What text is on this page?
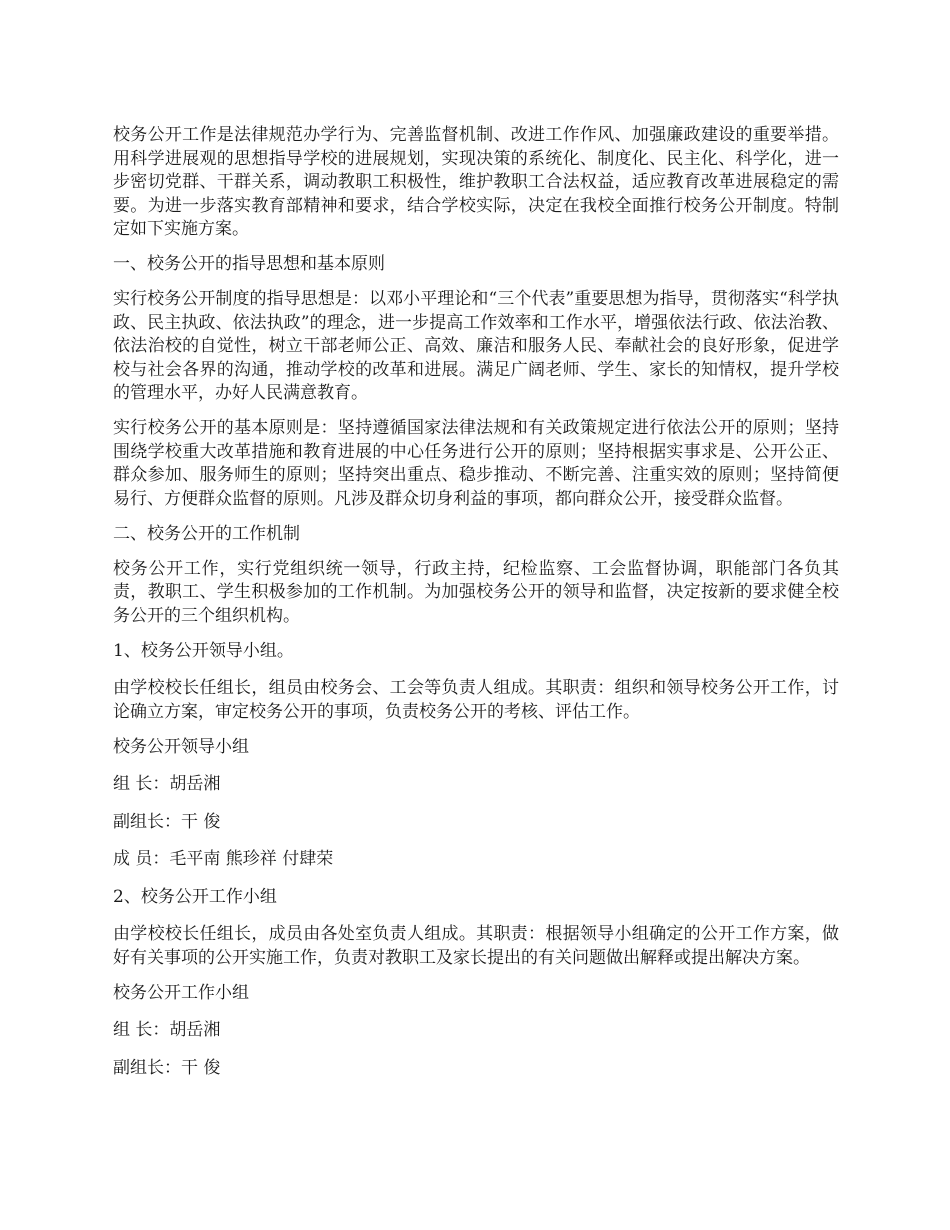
校务公开工作是法律规范办学行为、完善监督机制、改进工作作风、加强廉政建设的重要举措。用科学进展观的思想指导学校的进展规划，实现决策的系统化、制度化、民主化、科学化，进一步密切党群、干群关系，调动教职工积极性，维护教职工合法权益，适应教育改革进展稳定的需要。为进一步落实教育部精神和要求，结合学校实际，决定在我校全面推行校务公开制度。特制定如下实施方案。

一、校务公开的指导思想和基本原则

实行校务公开制度的指导思想是：以邓小平理论和“三个代表”重要思想为指导，贯彻落实“科学执政、民主执政、依法执政”的理念，进一步提高工作效率和工作水平，增强依法行政、依法治教、依法治校的自觉性，树立干部老师公正、高效、廉洁和服务人民、奉献社会的良好形象，促进学校与社会各界的沟通，推动学校的改革和进展。满足广阔老师、学生、家长的知情权，提升学校的管理水平，办好人民满意教育。

实行校务公开的基本原则是：坚持遵循国家法律法规和有关政策规定进行依法公开的原则；坚持围绕学校重大改革措施和教育进展的中心任务进行公开的原则；坚持根据实事求是、公开公正、群众参加、服务师生的原则；坚持突出重点、稳步推动、不断完善、注重实效的原则；坚持简便易行、方便群众监督的原则。凡涉及群众切身利益的事项，都向群众公开，接受群众监督。

二、校务公开的工作机制

校务公开工作，实行党组织统一领导，行政主持，纪检监察、工会监督协调，职能部门各负其责，教职工、学生积极参加的工作机制。为加强校务公开的领导和监督，决定按新的要求健全校务公开的三个组织机构。

1、校务公开领导小组。

由学校校长任组长，组员由校务会、工会等负责人组成。其职责：组织和领导校务公开工作，讨论确立方案，审定校务公开的事项，负责校务公开的考核、评估工作。

校务公开领导小组

组 长：胡岳湘

副组长：干 俊

成 员：毛平南 熊珍祥 付肆荣

2、校务公开工作小组

由学校校长任组长，成员由各处室负责人组成。其职责：根据领导小组确定的公开工作方案，做好有关事项的公开实施工作，负责对教职工及家长提出的有关问题做出解释或提出解决方案。

校务公开工作小组

组 长：胡岳湘

副组长：干 俊
